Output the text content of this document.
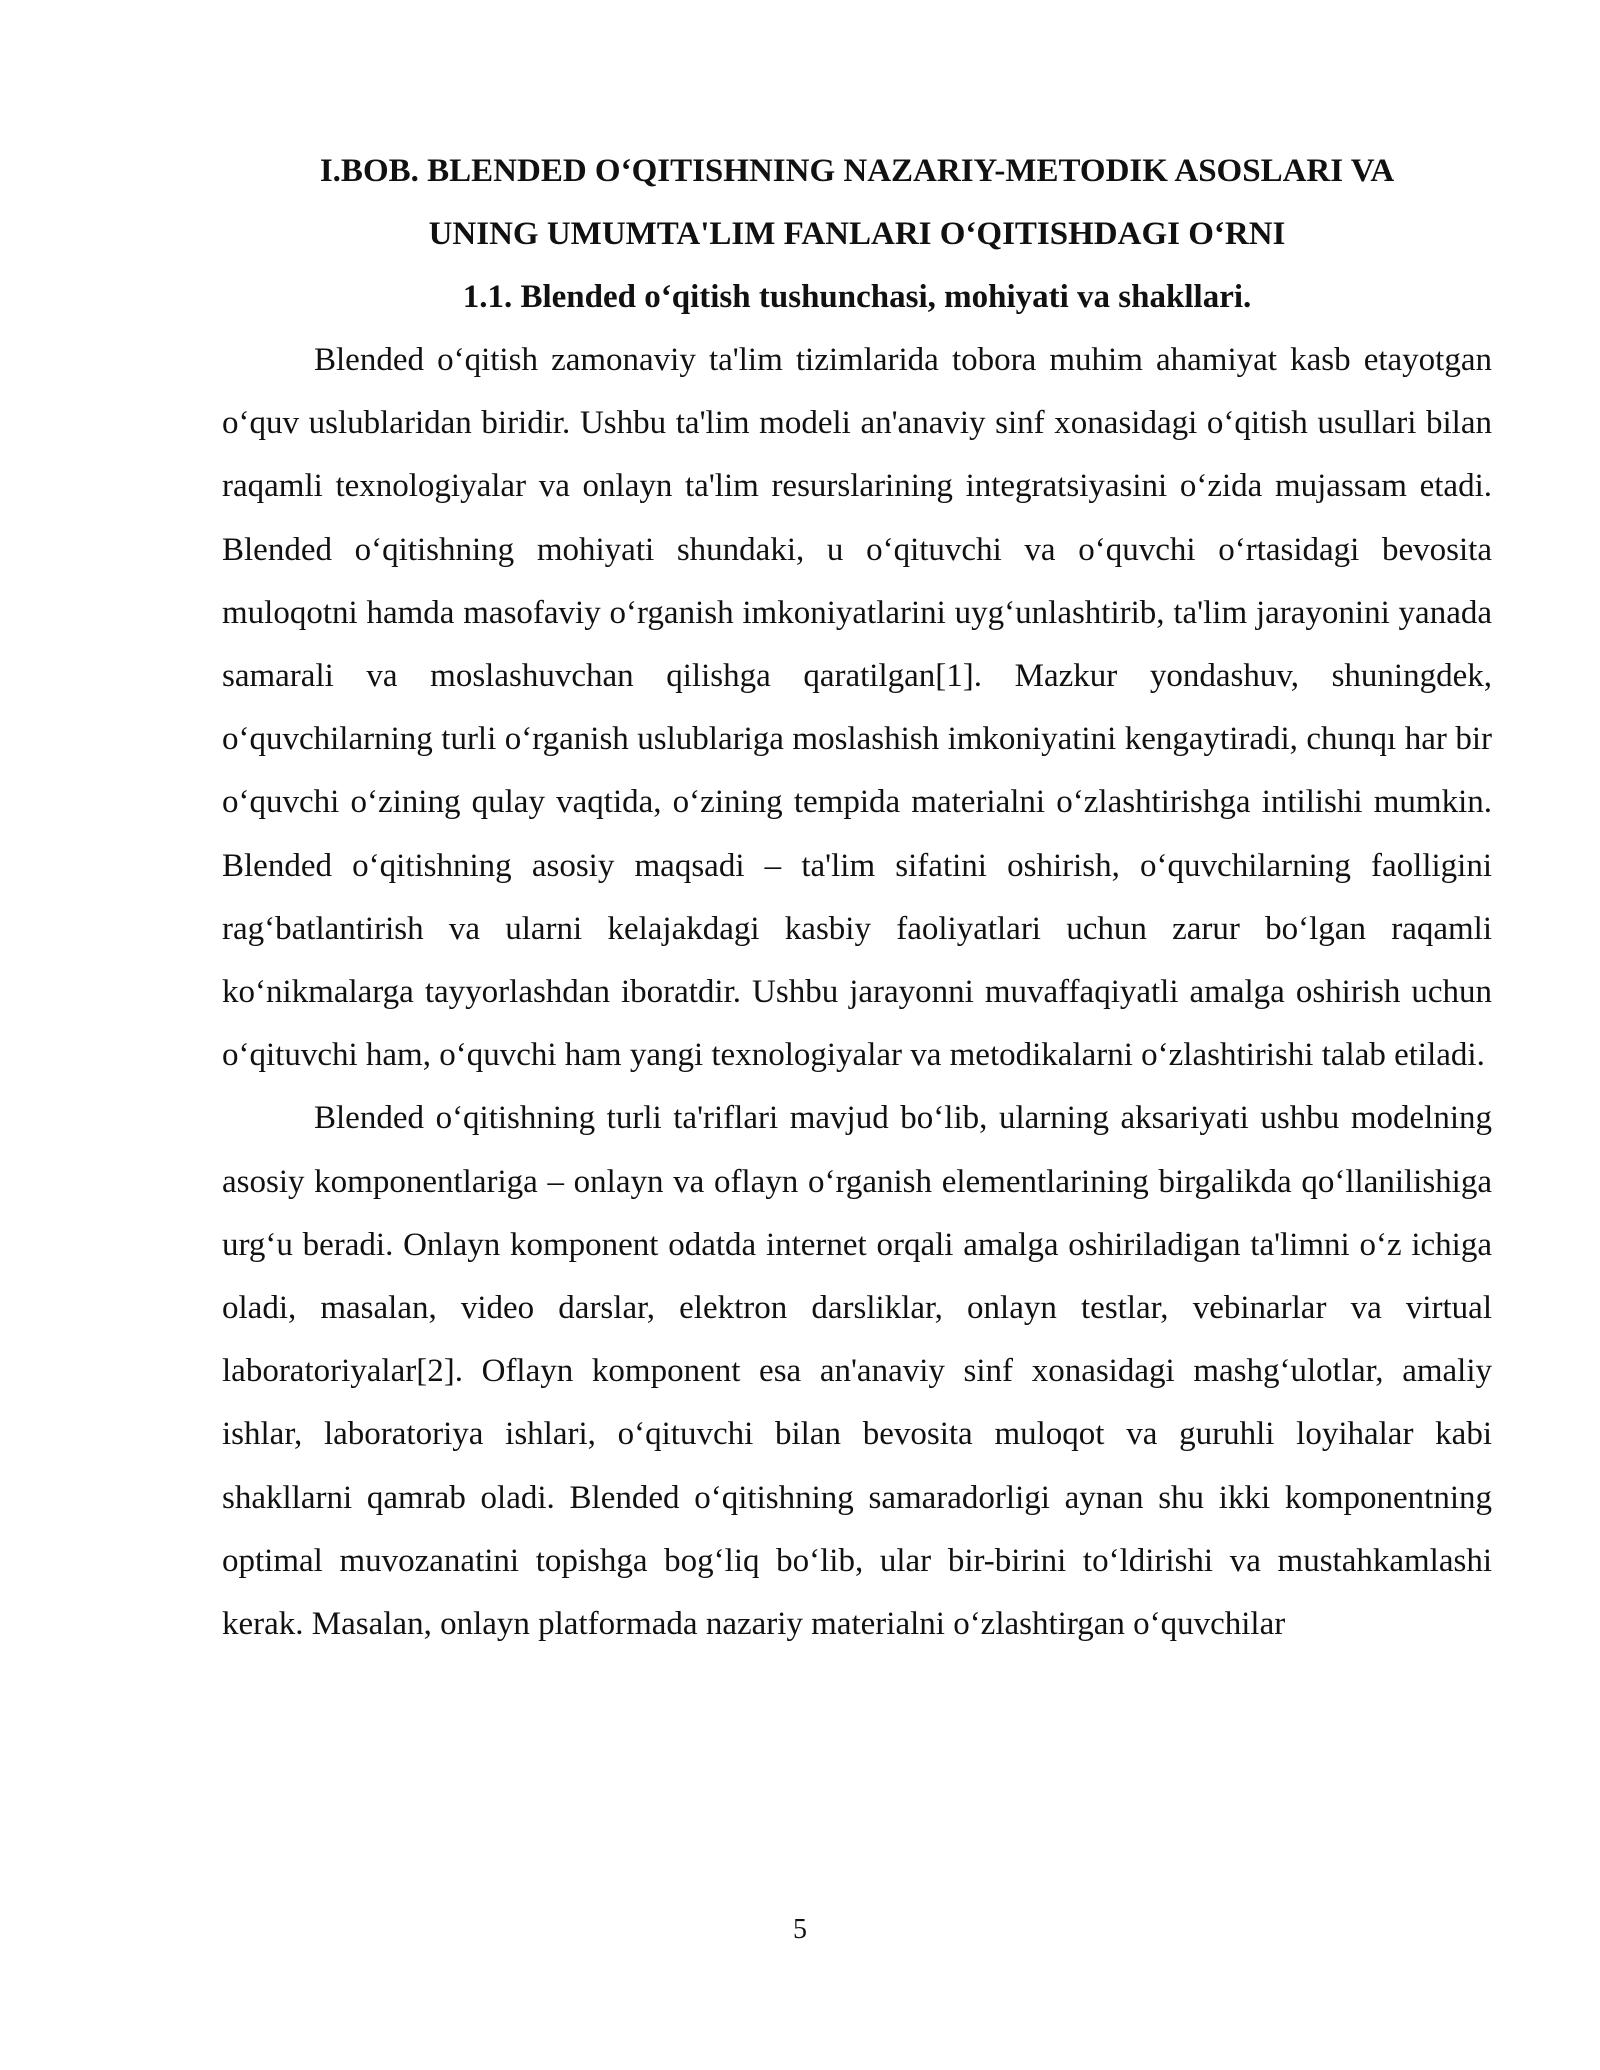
I.BOB. BLENDED O‘QITISHNING NAZARIY-METODIK ASOSLARI VA
UNING UMUMTA'LIM FANLARI O‘QITISHDAGI O‘RNI
1.1. Blended o‘qitish tushunchasi, mohiyati va shakllari.

Blended o‘qitish zamonaviy ta'lim tizimlarida tobora muhim ahamiyat kasb etayotgan o‘quv uslublaridan biridir. Ushbu ta'lim modeli an'anaviy sinf xonasidagi o‘qitish usullari bilan raqamli texnologiyalar va onlayn ta'lim resurslarining integratsiyasini o‘zida mujassam etadi. Blended o‘qitishning mohiyati shundaki, u o‘qituvchi va o‘quvchi o‘rtasidagi bevosita muloqotni hamda masofaviy o‘rganish imkoniyatlarini uyg‘unlashtirib, ta'lim jarayonini yanada samarali va moslashuvchan qilishga qaratilgan[1]. Mazkur yondashuv, shuningdek, o‘quvchilarning turli o‘rganish uslublariga moslashish imkoniyatini kengaytiradi, chunqı har bir o‘quvchi o‘zining qulay vaqtida, o‘zining tempida materialni o‘zlashtirishga intilishi mumkin. Blended o‘qitishning asosiy maqsadi – ta'lim sifatini oshirish, o‘quvchilarning faolligini rag‘batlantirish va ularni kelajakdagi kasbiy faoliyatlari uchun zarur bo‘lgan raqamli ko‘nikmalarga tayyorlashdan iboratdir. Ushbu jarayonni muvaffaqiyatli amalga oshirish uchun o‘qituvchi ham, o‘quvchi ham yangi texnologiyalar va metodikalarni o‘zlashtirishi talab etiladi.

Blended o‘qitishning turli ta'riflari mavjud bo‘lib, ularning aksariyati ushbu modelning asosiy komponentlariga – onlayn va oflayn o‘rganish elementlarining birgalikda qo‘llanilishiga urg‘u beradi. Onlayn komponent odatda internet orqali amalga oshiriladigan ta'limni o‘z ichiga oladi, masalan, video darslar, elektron darsliklar, onlayn testlar, vebinarlar va virtual laboratoriyalar[2]. Oflayn komponent esa an'anaviy sinf xonasidagi mashg‘ulotlar, amaliy ishlar, laboratoriya ishlari, o‘qituvchi bilan bevosita muloqot va guruhli loyihalar kabi shakllarni qamrab oladi. Blended o‘qitishning samaradorligi aynan shu ikki komponentning optimal muvozanatini topishga bog‘liq bo‘lib, ular bir-birini to‘ldirishi va mustahkamlashi kerak. Masalan, onlayn platformada nazariy materialni o‘zlashtirgan o‘quvchilar

5
